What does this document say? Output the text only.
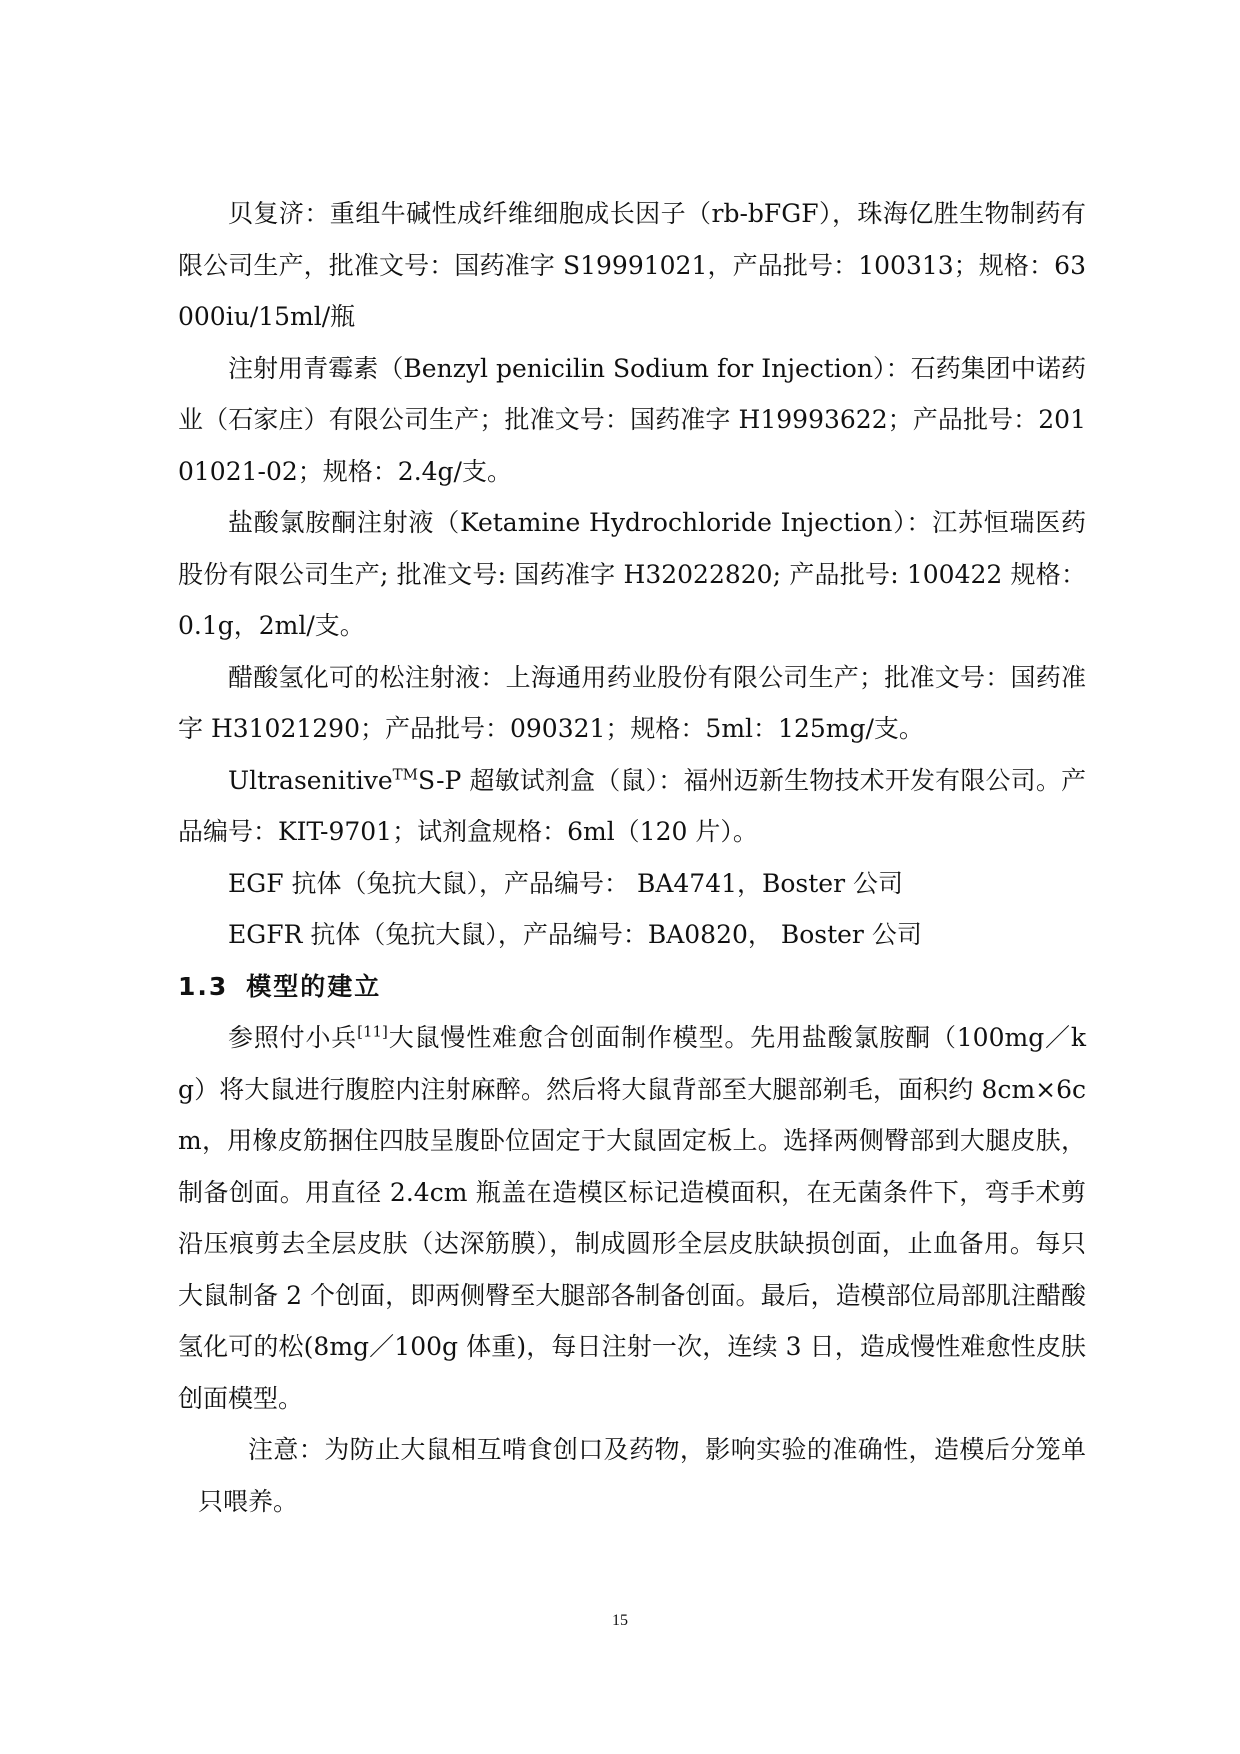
贝复济：重组牛碱性成纤维细胞成长因子（rb-bFGF），珠海亿胜生物制药有限公司生产，批准文号：国药准字 S19991021，产品批号：100313；规格：63000iu/15ml/瓶

注射用青霉素（Benzyl penicilin Sodium for Injection）：石药集团中诺药业（石家庄）有限公司生产；批准文号：国药准字 H19993622；产品批号：20101021-02；规格：2.4g/支。

盐酸氯胺酮注射液（Ketamine Hydrochloride Injection）：江苏恒瑞医药股份有限公司生产; 批准文号: 国药准字 H32022820; 产品批号: 100422 规格：0.1g，2ml/支。

醋酸氢化可的松注射液：上海通用药业股份有限公司生产；批准文号：国药准字 H31021290；产品批号：090321；规格：5ml：125mg/支。

Ultrasenitive™S-P 超敏试剂盒（鼠）：福州迈新生物技术开发有限公司。产品编号：KIT-9701；试剂盒规格：6ml（120 片）。

EGF 抗体（兔抗大鼠），产品编号： BA4741，Boster 公司

EGFR 抗体（兔抗大鼠），产品编号：BA0820， Boster 公司

1.3 模型的建立

参照付小兵[11]大鼠慢性难愈合创面制作模型。先用盐酸氯胺酮（100mg／kg）将大鼠进行腹腔内注射麻醉。然后将大鼠背部至大腿部剃毛，面积约 8cm×6cm，用橡皮筋捆住四肢呈腹卧位固定于大鼠固定板上。选择两侧臀部到大腿皮肤，制备创面。用直径 2.4cm 瓶盖在造模区标记造模面积，在无菌条件下，弯手术剪沿压痕剪去全层皮肤（达深筋膜），制成圆形全层皮肤缺损创面，止血备用。每只大鼠制备 2 个创面，即两侧臀至大腿部各制备创面。最后，造模部位局部肌注醋酸氢化可的松(8mg／100g 体重)，每日注射一次，连续 3 日，造成慢性难愈性皮肤创面模型。

注意：为防止大鼠相互啃食创口及药物，影响实验的准确性，造模后分笼单只喂养。

15
